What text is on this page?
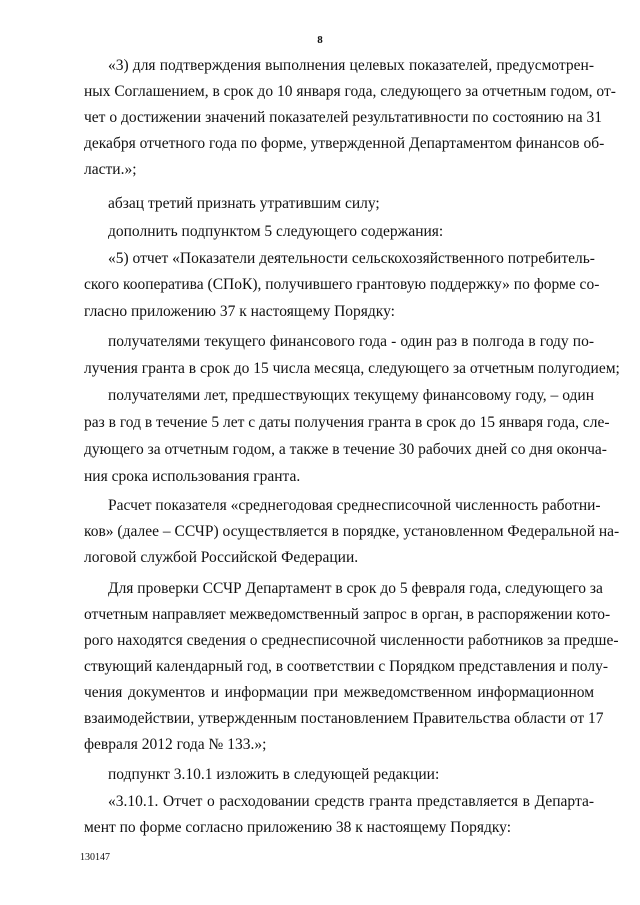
8
«3) для подтверждения выполнения целевых показателей, предусмотрен-
ных Соглашением, в срок до 10 января года, следующего за отчетным годом, от-
чет о достижении значений показателей результативности по состоянию на 31
декабря отчетного года по форме, утвержденной Департаментом финансов об-
ласти.»;
абзац третий признать утратившим силу;
дополнить подпунктом 5 следующего содержания:
«5) отчет «Показатели деятельности сельскохозяйственного потребитель-
ского кооператива (СПоК), получившего грантовую поддержку» по форме со-
гласно приложению 37 к настоящему Порядку:
получателями текущего финансового года - один раз в полгода в году по-
лучения гранта в срок до 15 числа месяца, следующего за отчетным полугодием;
получателями лет, предшествующих текущему финансовому году, – один
раз в год в течение 5 лет с даты получения гранта в срок до 15 января года, сле-
дующего за отчетным годом, а также в течение 30 рабочих дней со дня оконча-
ния срока использования гранта.
Расчет показателя «среднегодовая среднесписочной численность работни-
ков» (далее – ССЧР) осуществляется в порядке, установленном Федеральной на-
логовой службой Российской Федерации.
Для проверки ССЧР Департамент в срок до 5 февраля года, следующего за
отчетным направляет межведомственный запрос в орган, в распоряжении кото-
рого находятся сведения о среднесписочной численности работников за предше-
ствующий календарный год, в соответствии с Порядком представления и полу-
чения документов и информации при межведомственном информационном
взаимодействии, утвержденным постановлением Правительства области от 17
февраля 2012 года № 133.»;
подпункт 3.10.1 изложить в следующей редакции:
«3.10.1. Отчет о расходовании средств гранта представляется в Департа-
мент по форме согласно приложению 38 к настоящему Порядку:
130147
